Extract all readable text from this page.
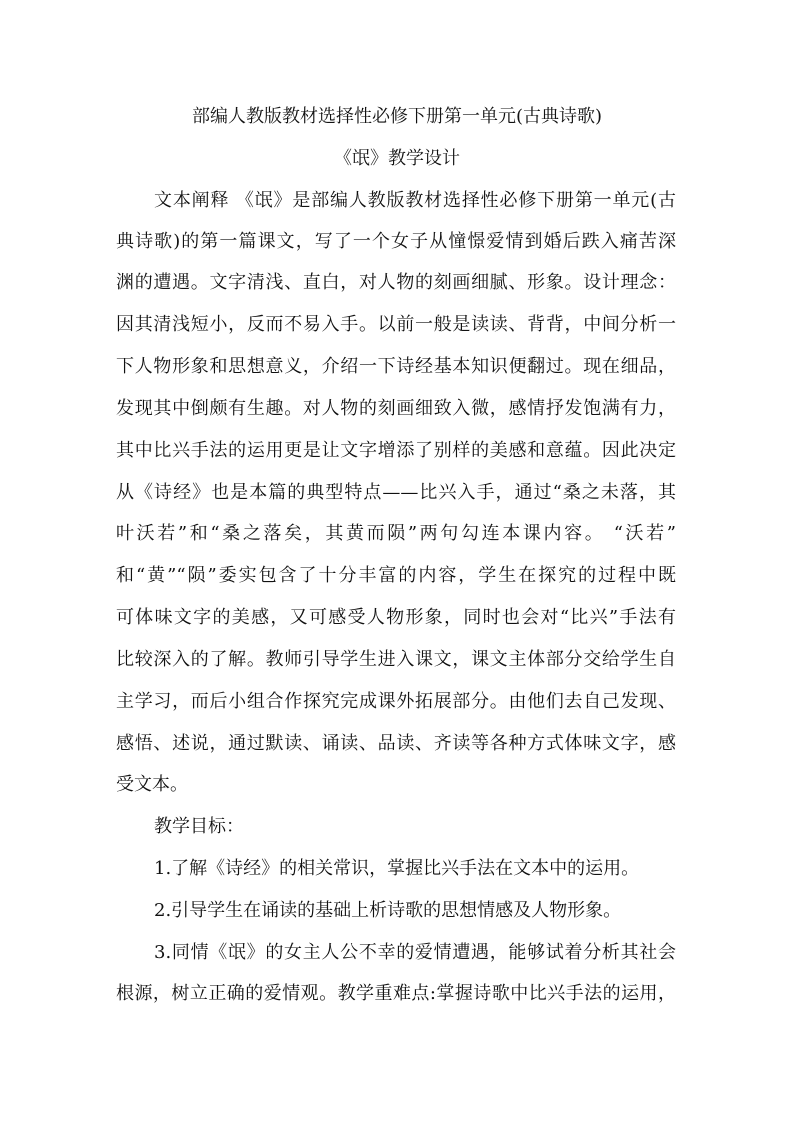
部编人教版教材选择性必修下册第一单元(古典诗歌)
《氓》教学设计
文本阐释 《氓》是部编人教版教材选择性必修下册第一单元(古
典诗歌)的第一篇课文，写了一个女子从憧憬爱情到婚后跌入痛苦深
渊的遭遇。文字清浅、直白，对人物的刻画细腻、形象。设计理念：
因其清浅短小，反而不易入手。以前一般是读读、背背，中间分析一
下人物形象和思想意义，介绍一下诗经基本知识便翻过。现在细品，
发现其中倒颇有生趣。对人物的刻画细致入微，感情抒发饱满有力，
其中比兴手法的运用更是让文字增添了别样的美感和意蕴。因此决定
从《诗经》也是本篇的典型特点——比兴入手，通过“桑之未落，其
叶沃若”和“桑之落矣，其黄而陨”两句勾连本课内容。 “沃若”
和“黄”“陨”委实包含了十分丰富的内容，学生在探究的过程中既
可体味文字的美感，又可感受人物形象，同时也会对“比兴”手法有
比较深入的了解。教师引导学生进入课文，课文主体部分交给学生自
主学习，而后小组合作探究完成课外拓展部分。由他们去自己发现、
感悟、述说，通过默读、诵读、品读、齐读等各种方式体味文字，感
受文本。
教学目标：
1.了解《诗经》的相关常识，掌握比兴手法在文本中的运用。
2.引导学生在诵读的基础上析诗歌的思想情感及人物形象。
3.同情《氓》的女主人公不幸的爱情遭遇，能够试着分析其社会
根源，树立正确的爱情观。教学重难点:掌握诗歌中比兴手法的运用，
